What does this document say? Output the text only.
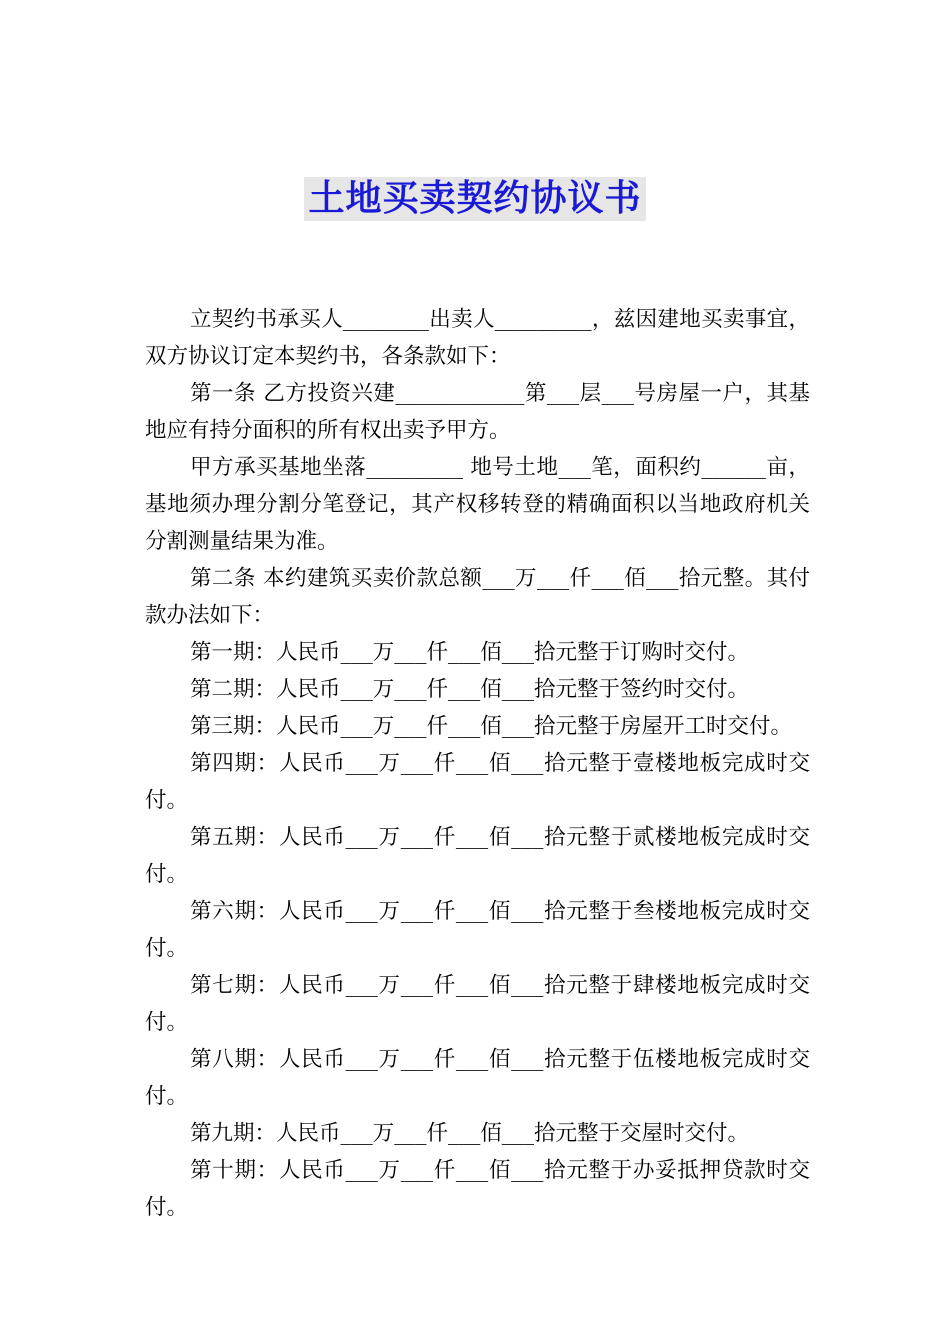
土地买卖契约协议书

立契约书承买人________出卖人_________，兹因建地买卖事宜，双方协议订定本契约书，各条款如下：

第一条 乙方投资兴建____________第___层___号房屋一户，其基地应有持分面积的所有权出卖予甲方。

甲方承买基地坐落_________ 地号土地___笔，面积约______亩，基地须办理分割分笔登记，其产权移转登的精确面积以当地政府机关分割测量结果为准。

第二条 本约建筑买卖价款总额___万___仟___佰___拾元整。其付款办法如下：

第一期：人民币___万___仟___佰___拾元整于订购时交付。

第二期：人民币___万___仟___佰___拾元整于签约时交付。

第三期：人民币___万___仟___佰___拾元整于房屋开工时交付。

第四期：人民币___万___仟___佰___拾元整于壹楼地板完成时交付。

第五期：人民币___万___仟___佰___拾元整于贰楼地板完成时交付。

第六期：人民币___万___仟___佰___拾元整于叁楼地板完成时交付。

第七期：人民币___万___仟___佰___拾元整于肆楼地板完成时交付。

第八期：人民币___万___仟___佰___拾元整于伍楼地板完成时交付。

第九期：人民币___万___仟___佰___拾元整于交屋时交付。

第十期：人民币___万___仟___佰___拾元整于办妥抵押贷款时交付。
